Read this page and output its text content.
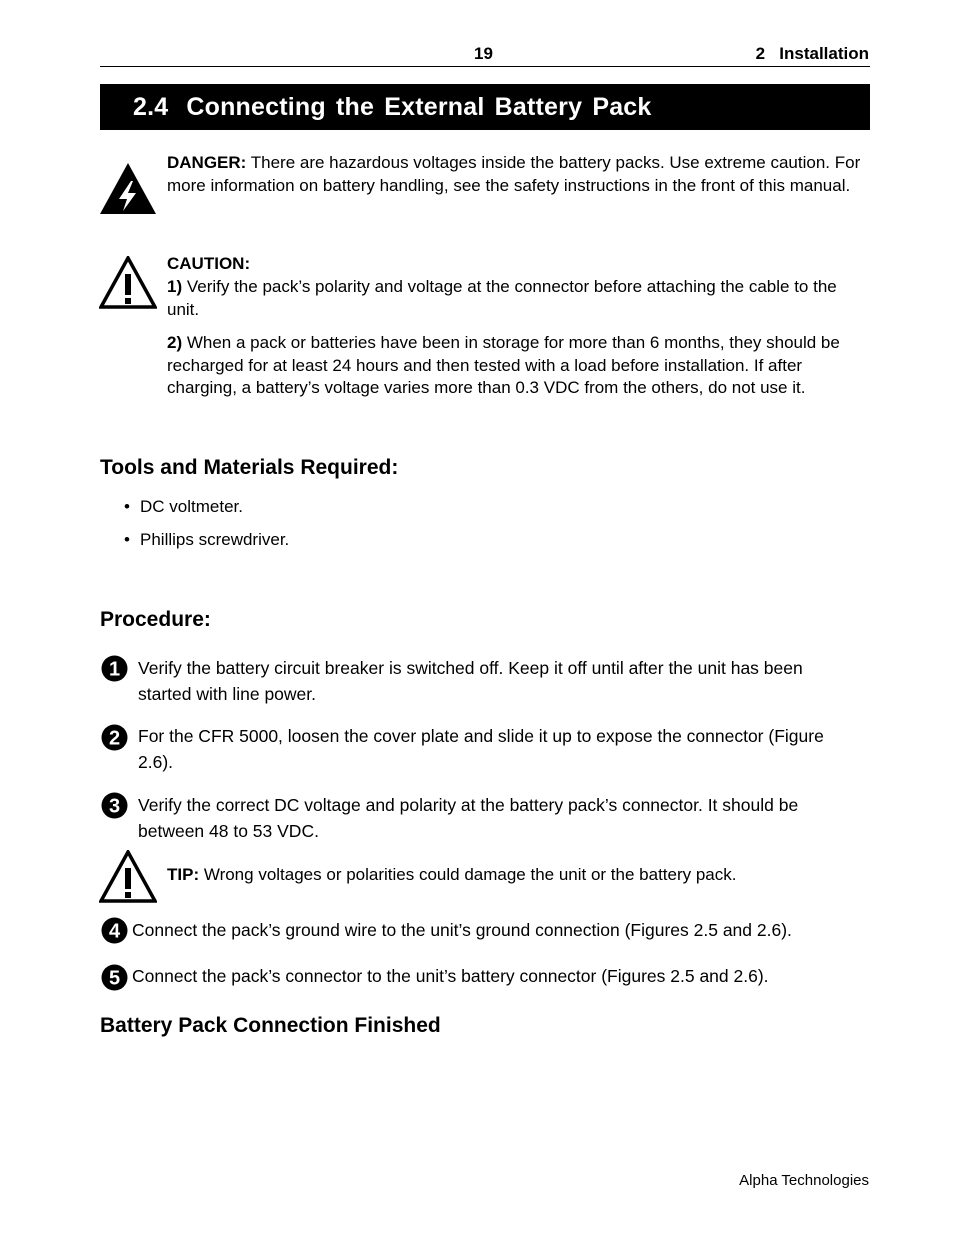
19	2   Installation
2.4 Connecting the External Battery Pack
DANGER: There are hazardous voltages inside the battery packs. Use extreme caution. For more information on battery handling, see the safety instructions in the front of this manual.
CAUTION:
1) Verify the pack’s polarity and voltage at the connector before attaching the cable to the unit.
2) When a pack or batteries have been in storage for more than 6 months, they should be recharged for at least 24 hours and then tested with a load before installation. If after charging, a battery’s voltage varies more than 0.3 VDC from the others, do not use it.
Tools and Materials Required:
• DC voltmeter.
• Phillips screwdriver.
Procedure:
1 Verify the battery circuit breaker is switched off. Keep it off until after the unit has been started with line power.
2 For the CFR 5000, loosen the cover plate and slide it up to expose the connector (Figure 2.6).
3 Verify the correct DC voltage and polarity at the battery pack’s connector. It should be between 48 to 53 VDC.
TIP: Wrong voltages or polarities could damage the unit or the battery pack.
4 Connect the pack’s ground wire to the unit’s ground connection (Figures 2.5 and 2.6).
5 Connect the pack’s connector to the unit’s battery connector (Figures 2.5 and 2.6).
Battery Pack Connection Finished
Alpha Technologies
